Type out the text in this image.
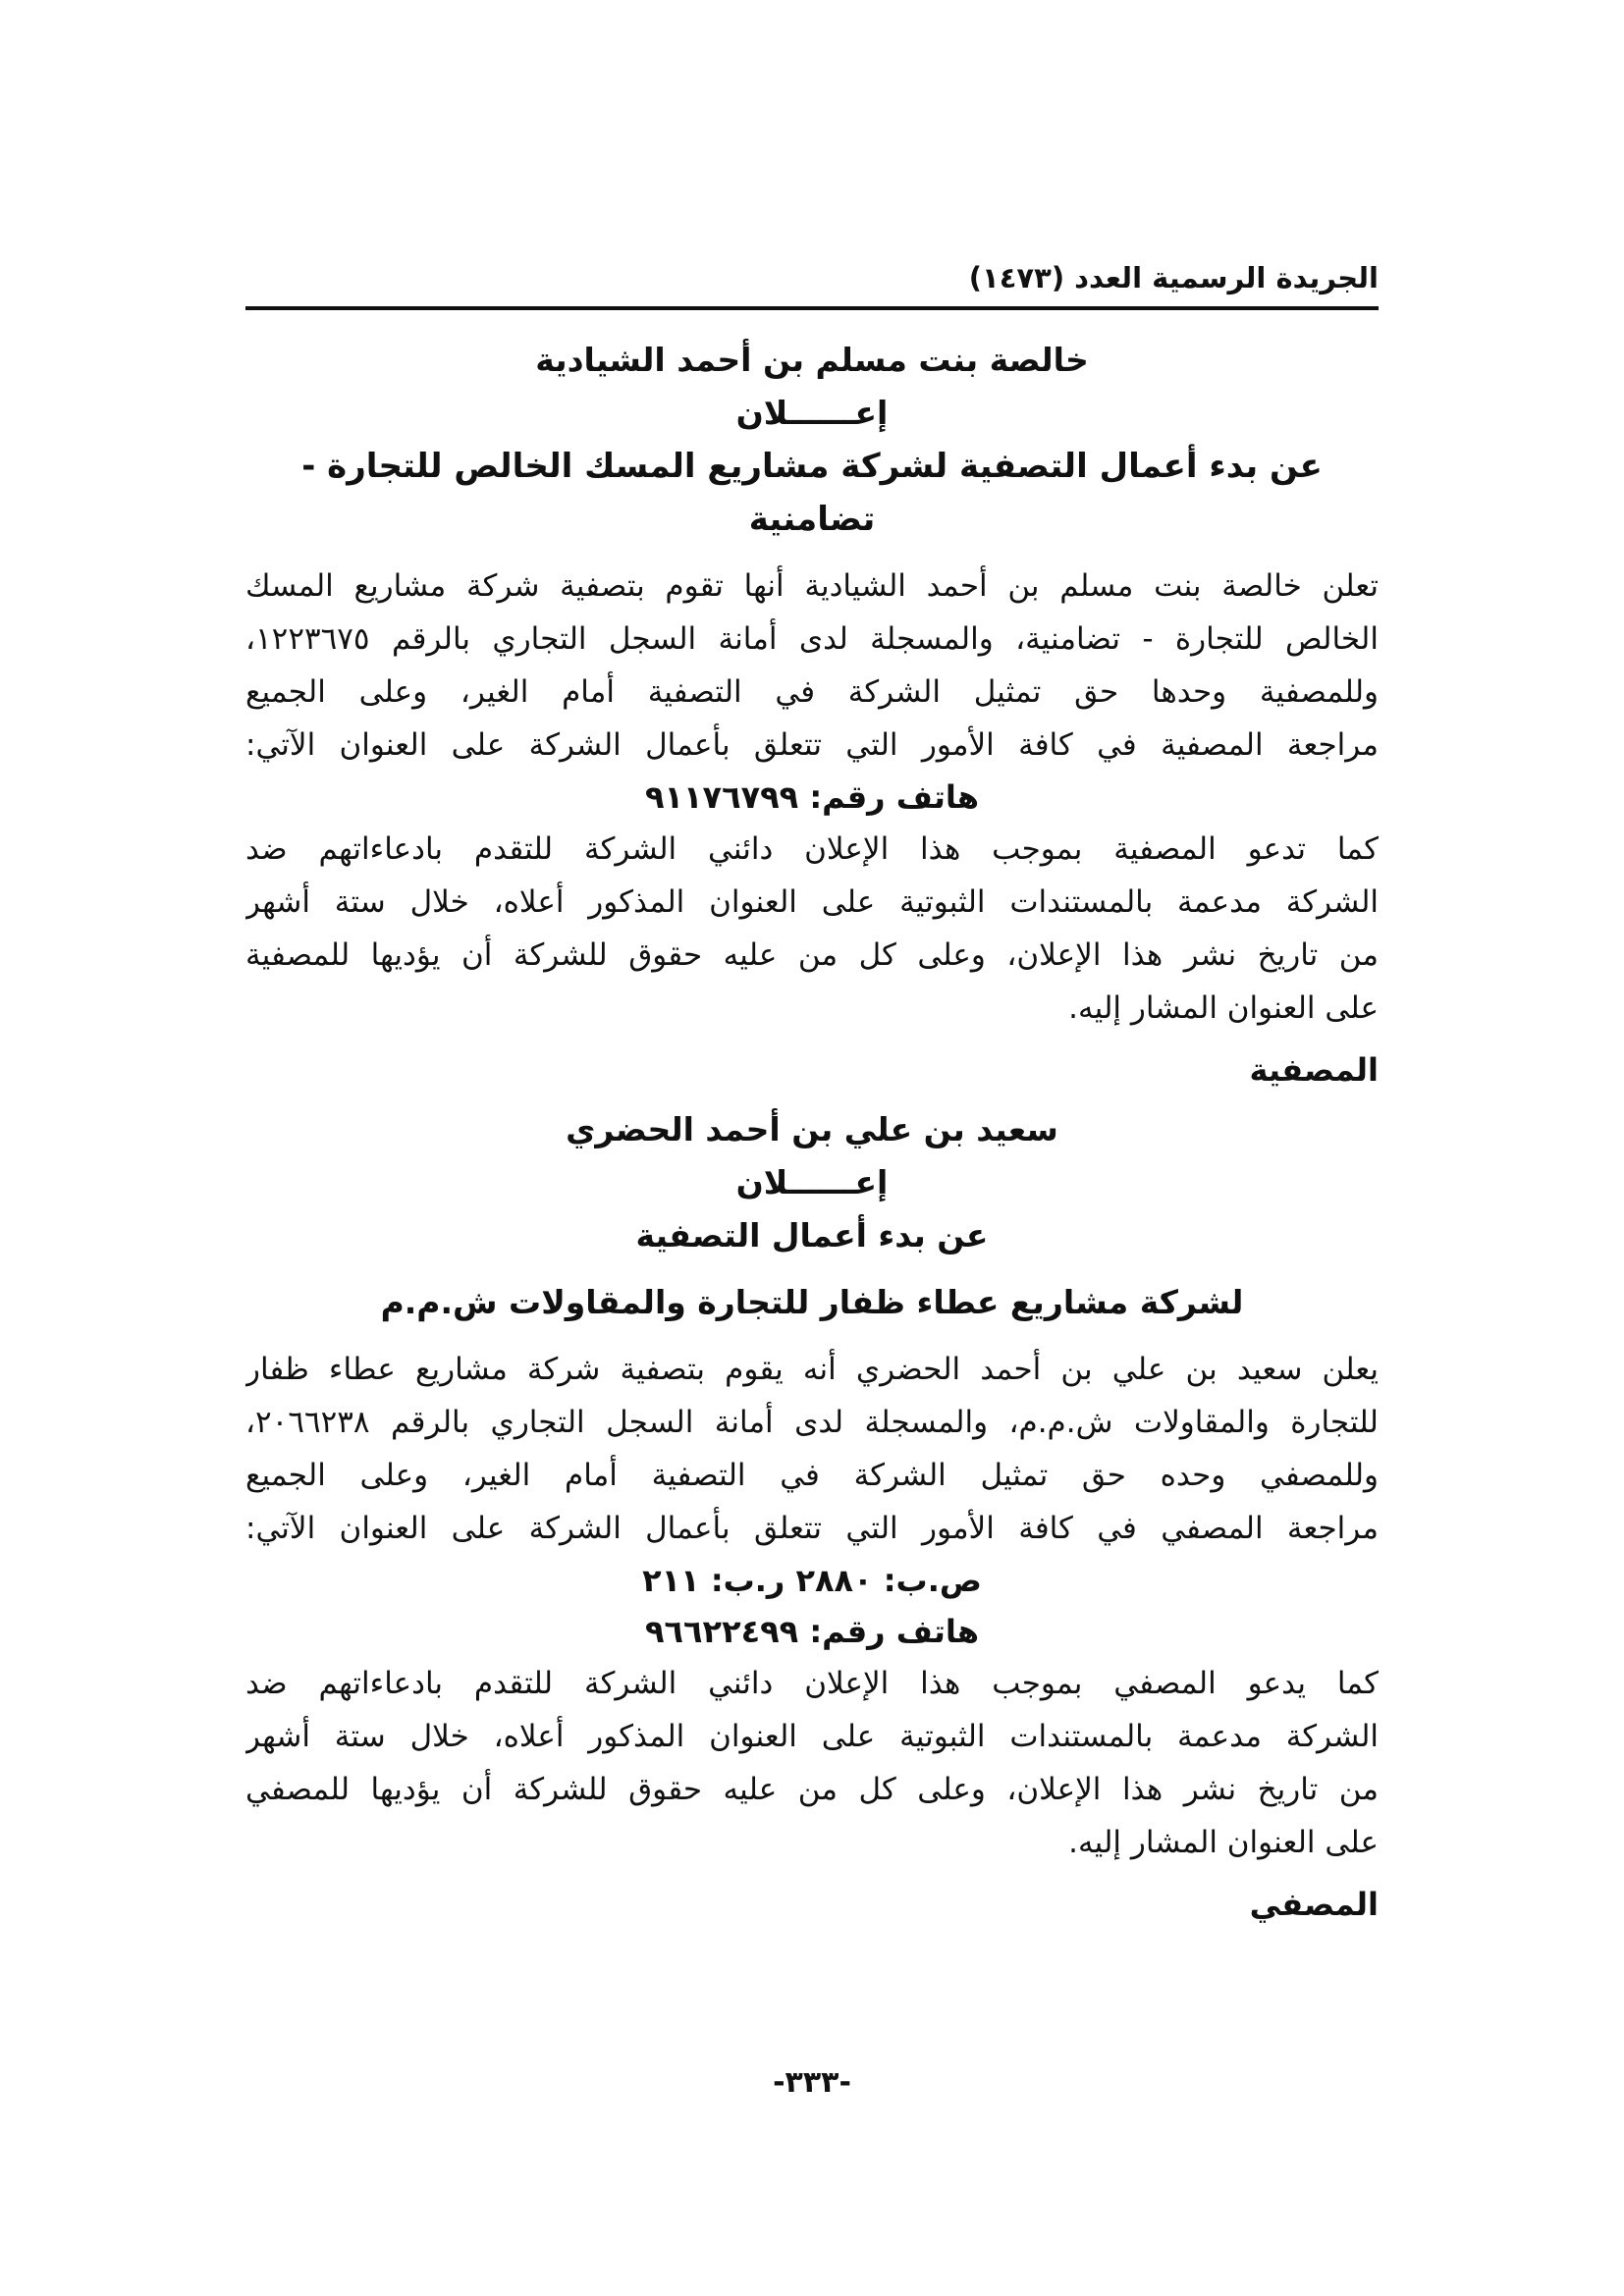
الجريدة الرسمية العدد (١٤٧٣)
خالصة بنت مسلم بن أحمد الشيادية
إعــــــلان
عن بدء أعمال التصفية لشركة مشاريع المسك الخالص للتجارة - تضامنية
تعلن خالصة بنت مسلم بن أحمد الشيادية أنها تقوم بتصفية شركة مشاريع المسك
الخالص للتجارة - تضامنية، والمسجلة لدى أمانة السجل التجاري بالرقم ١٢٢٣٦٧٥،
وللمصفية وحدها حق تمثيل الشركة في التصفية أمام الغير، وعلى الجميع
مراجعة المصفية في كافة الأمور التي تتعلق بأعمال الشركة على العنوان الآتي:
هاتف رقم: ٩١١٧٦٧٩٩
كما تدعو المصفية بموجب هذا الإعلان دائني الشركة للتقدم بادعاءاتهم ضد
الشركة مدعمة بالمستندات الثبوتية على العنوان المذكور أعلاه، خلال ستة أشهر
من تاريخ نشر هذا الإعلان، وعلى كل من عليه حقوق للشركة أن يؤديها للمصفية
على العنوان المشار إليه.
المصفية
سعيد بن علي بن أحمد الحضري
إعــــــلان
عن بدء أعمال التصفية
لشركة مشاريع عطاء ظفار للتجارة والمقاولات ش.م.م
يعلن سعيد بن علي بن أحمد الحضري أنه يقوم بتصفية شركة مشاريع عطاء ظفار
للتجارة والمقاولات ش.م.م، والمسجلة لدى أمانة السجل التجاري بالرقم ٢٠٦٦٢٣٨،
وللمصفي وحده حق تمثيل الشركة في التصفية أمام الغير، وعلى الجميع
مراجعة المصفي في كافة الأمور التي تتعلق بأعمال الشركة على العنوان الآتي:
ص.ب: ٢٨٨٠ ر.ب: ٢١١
هاتف رقم: ٩٦٦٢٢٤٩٩
كما يدعو المصفي بموجب هذا الإعلان دائني الشركة للتقدم بادعاءاتهم ضد
الشركة مدعمة بالمستندات الثبوتية على العنوان المذكور أعلاه، خلال ستة أشهر
من تاريخ نشر هذا الإعلان، وعلى كل من عليه حقوق للشركة أن يؤديها للمصفي
على العنوان المشار إليه.
المصفي
-٣٣٣-
